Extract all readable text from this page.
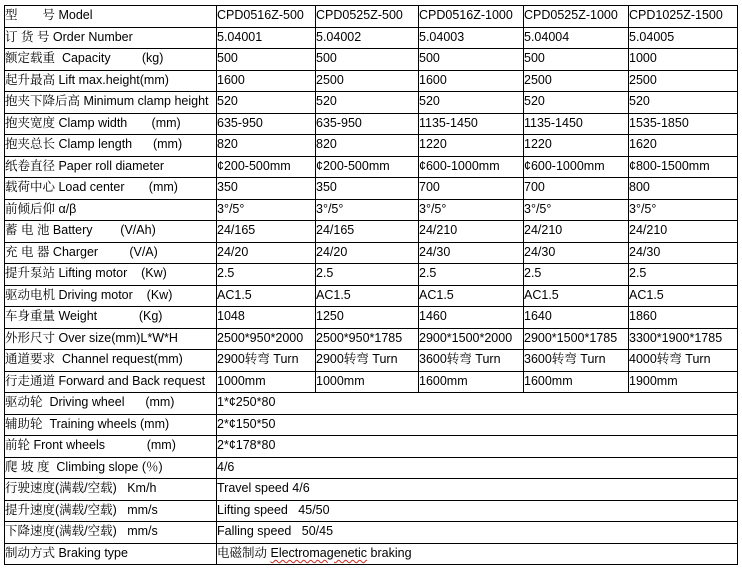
型　　号 Model	CPD0516Z-500	CPD0525Z-500	CPD0516Z-1000	CPD0525Z-1000	CPD1025Z-1500
订 货 号 Order Number	5.04001	5.04002	5.04003	5.04004	5.04005
额定载重  Capacity         (kg)	500	500	500	500	1000
起升最高 Lift max.height(mm)	1600	2500	1600	2500	2500
抱夹下降后高 Minimum clamp height	520	520	520	520	520
抱夹宽度 Clamp width       (mm)	635-950	635-950	1135-1450	1135-1450	1535-1850
抱夹总长 Clamp length      (mm)	820	820	1220	1220	1620
纸卷直径 Paper roll diameter	¢200-500mm	¢200-500mm	¢600-1000mm	¢600-1000mm	¢800-1500mm
载荷中心 Load center       (mm)	350	350	700	700	800
前倾后仰 α/β	3°/5°	3°/5°	3°/5°	3°/5°	3°/5°
蓄 电 池 Battery        (V/Ah)	24/165	24/165	24/210	24/210	24/210
充 电 器 Charger         (V/A)	24/20	24/20	24/30	24/30	24/30
提升泵站 Lifting motor    (Kw)	2.5	2.5	2.5	2.5	2.5
驱动电机 Driving motor    (Kw)	AC1.5	AC1.5	AC1.5	AC1.5	AC1.5
车身重量 Weight            (Kg)	1048	1250	1460	1640	1860
外形尺寸 Over size(mm)L*W*H	2500*950*2000	2500*950*1785	2900*1500*2000	2900*1500*1785	3300*1900*1785
通道要求  Channel request(mm)	2900转弯 Turn	2900转弯 Turn	3600转弯 Turn	3600转弯 Turn	4000转弯 Turn
行走通道 Forward and Back request	1000mm	1000mm	1600mm	1600mm	1900mm
驱动轮  Driving wheel      (mm)	1*¢250*80				
辅助轮  Training wheels (mm)	2*¢150*50				
前轮 Front wheels            (mm)	2*¢178*80				
爬 坡 度  Climbing slope (％)	4/6				
行驶速度(满载/空载)   Km/h	Travel speed 4/6				
提升速度(满载/空载)   mm/s	Lifting speed   45/50				
下降速度(满载/空载)   mm/s	Falling speed   50/45				
制动方式 Braking type	电磁制动 Electromagenetic braking				
